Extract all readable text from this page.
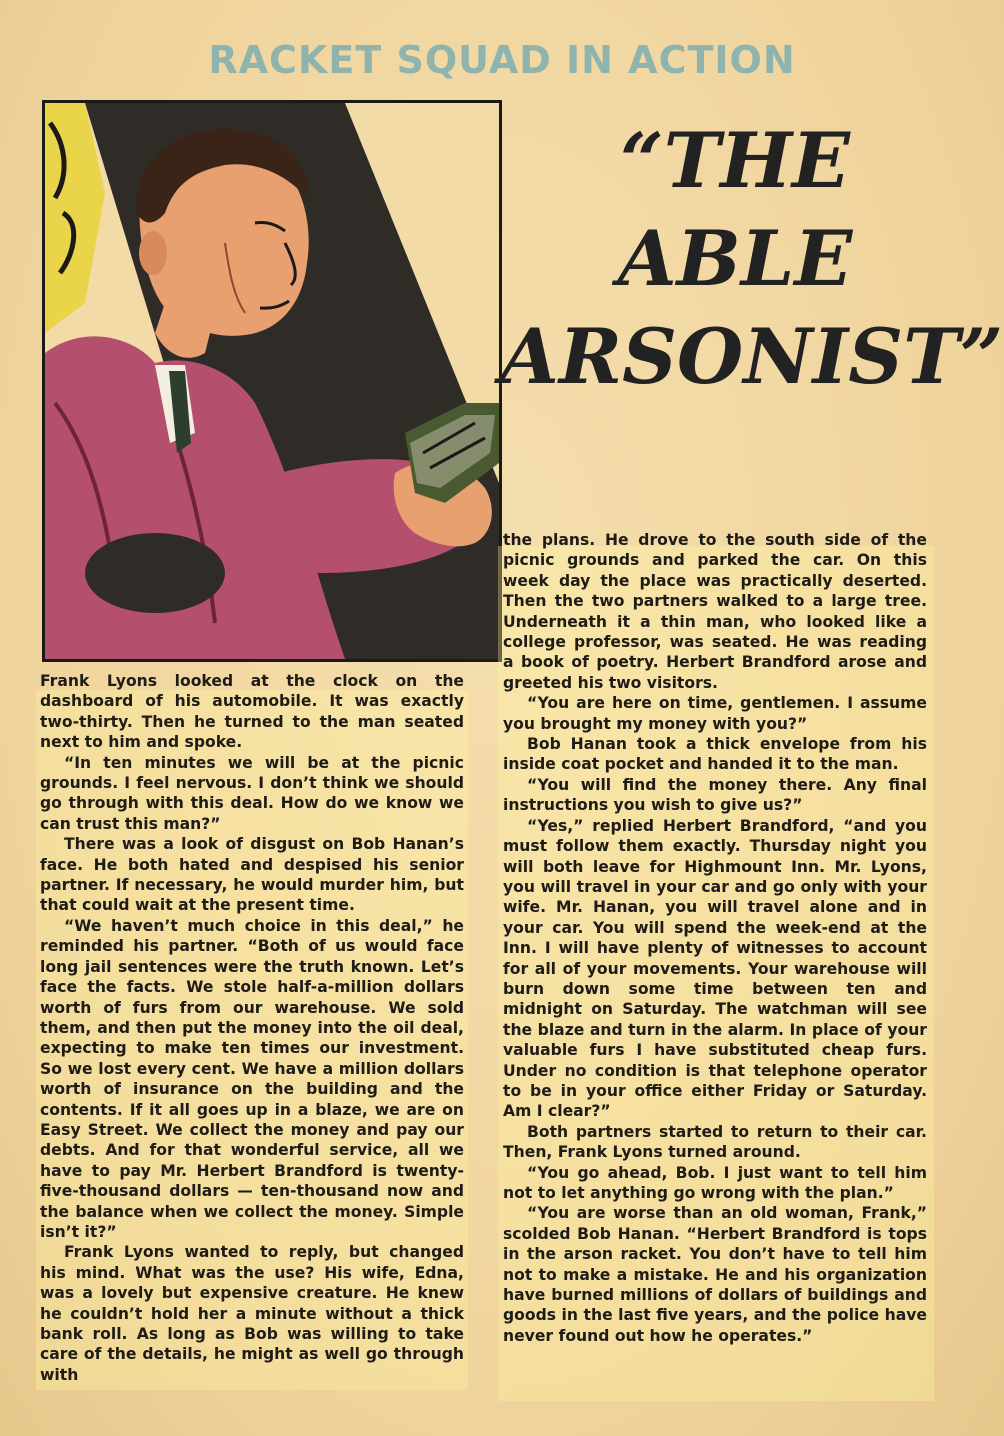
RACKET SQUAD IN ACTION
“THE
ABLE
ARSONIST”

Frank Lyons looked at the clock on the dashboard of his automobile. It was exactly two-thirty. Then he turned to the man seated next to him and spoke.

“In ten minutes we will be at the picnic grounds. I feel nervous. I don’t think we should go through with this deal. How do we know we can trust this man?”

There was a look of disgust on Bob Hanan’s face. He both hated and despised his senior partner. If necessary, he would murder him, but that could wait at the present time.

“We haven’t much choice in this deal,” he reminded his partner. “Both of us would face long jail sentences were the truth known. Let’s face the facts. We stole half-a-million dollars worth of furs from our warehouse. We sold them, and then put the money into the oil deal, expecting to make ten times our investment. So we lost every cent. We have a million dollars worth of insurance on the building and the contents. If it all goes up in a blaze, we are on Easy Street. We collect the money and pay our debts. And for that wonderful service, all we have to pay Mr. Herbert Brandford is twenty-five-thousand dollars — ten-thousand now and the balance when we collect the money. Simple isn’t it?”

Frank Lyons wanted to reply, but changed his mind. What was the use? His wife, Edna, was a lovely but expensive creature. He knew he couldn’t hold her a minute without a thick bank roll. As long as Bob was willing to take care of the details, he might as well go through with

the plans. He drove to the south side of the picnic grounds and parked the car. On this week day the place was practically deserted. Then the two partners walked to a large tree. Underneath it a thin man, who looked like a college professor, was seated. He was reading a book of poetry. Herbert Brandford arose and greeted his two visitors.

“You are here on time, gentlemen. I assume you brought my money with you?”

Bob Hanan took a thick envelope from his inside coat pocket and handed it to the man.

“You will find the money there. Any final instructions you wish to give us?”

“Yes,” replied Herbert Brandford, “and you must follow them exactly. Thursday night you will both leave for Highmount Inn. Mr. Lyons, you will travel in your car and go only with your wife. Mr. Hanan, you will travel alone and in your car. You will spend the week-end at the Inn. I will have plenty of witnesses to account for all of your movements. Your warehouse will burn down some time between ten and midnight on Saturday. The watchman will see the blaze and turn in the alarm. In place of your valuable furs I have substituted cheap furs. Under no condition is that telephone operator to be in your office either Friday or Saturday. Am I clear?”

Both partners started to return to their car. Then, Frank Lyons turned around.

“You go ahead, Bob. I just want to tell him not to let anything go wrong with the plan.”

“You are worse than an old woman, Frank,” scolded Bob Hanan. “Herbert Brandford is tops in the arson racket. You don’t have to tell him not to make a mistake. He and his organization have burned millions of dollars of buildings and goods in the last five years, and the police have never found out how he operates.”
